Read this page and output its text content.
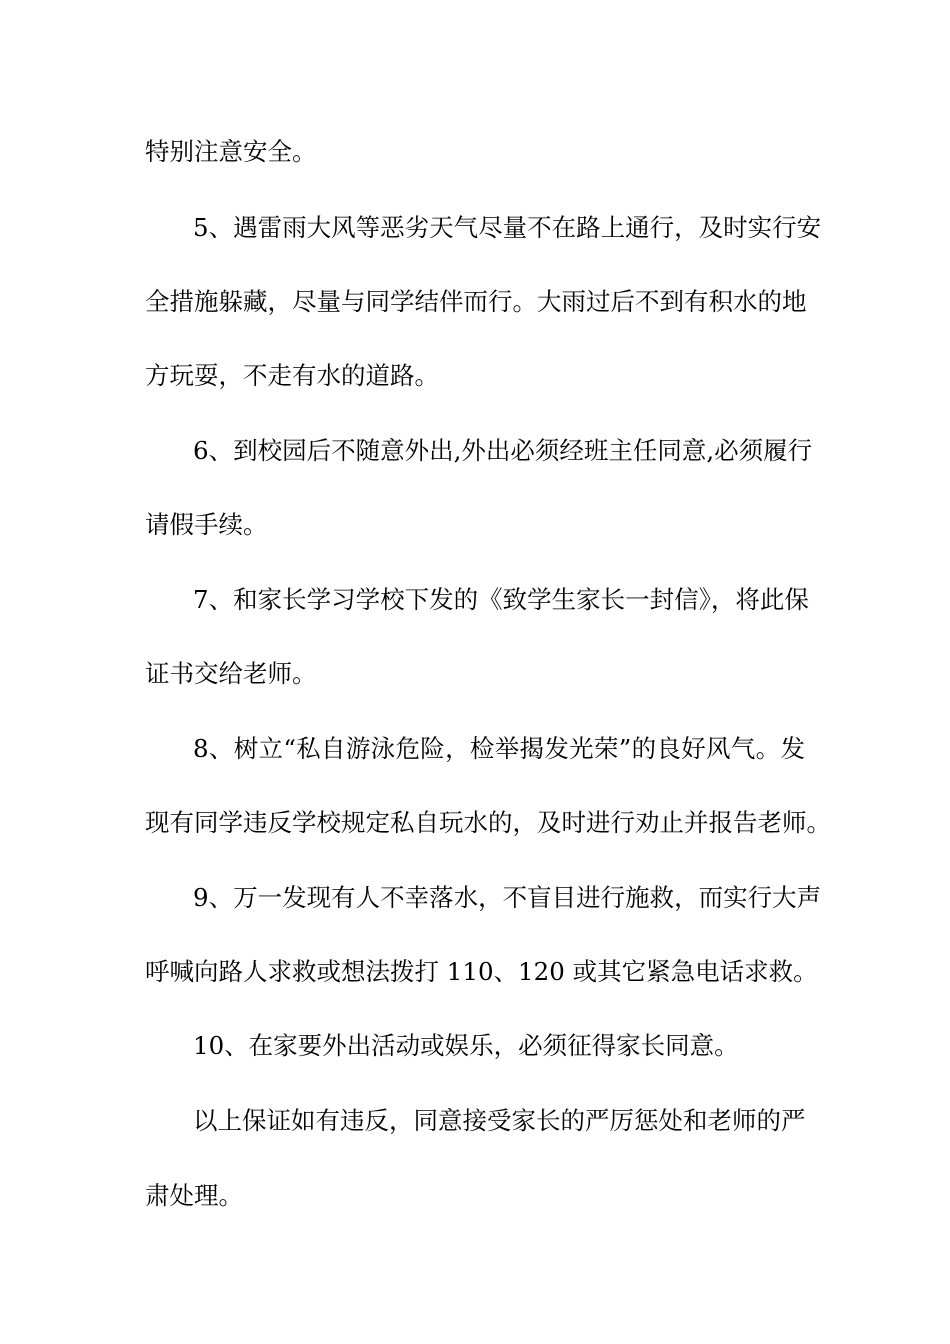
特别注意安全。
5、遇雷雨大风等恶劣天气尽量不在路上通行，及时实行安
全措施躲藏，尽量与同学结伴而行。大雨过后不到有积水的地
方玩耍，不走有水的道路。
6、到校园后不随意外出,外出必须经班主任同意,必须履行
请假手续。
7、和家长学习学校下发的《致学生家长一封信》，将此保
证书交给老师。
8、树立“私自游泳危险，检举揭发光荣”的良好风气。发
现有同学违反学校规定私自玩水的，及时进行劝止并报告老师。
9、万一发现有人不幸落水，不盲目进行施救，而实行大声
呼喊向路人求救或想法拨打 110、120 或其它紧急电话求救。
10、在家要外出活动或娱乐，必须征得家长同意。
以上保证如有违反，同意接受家长的严厉惩处和老师的严
肃处理。
